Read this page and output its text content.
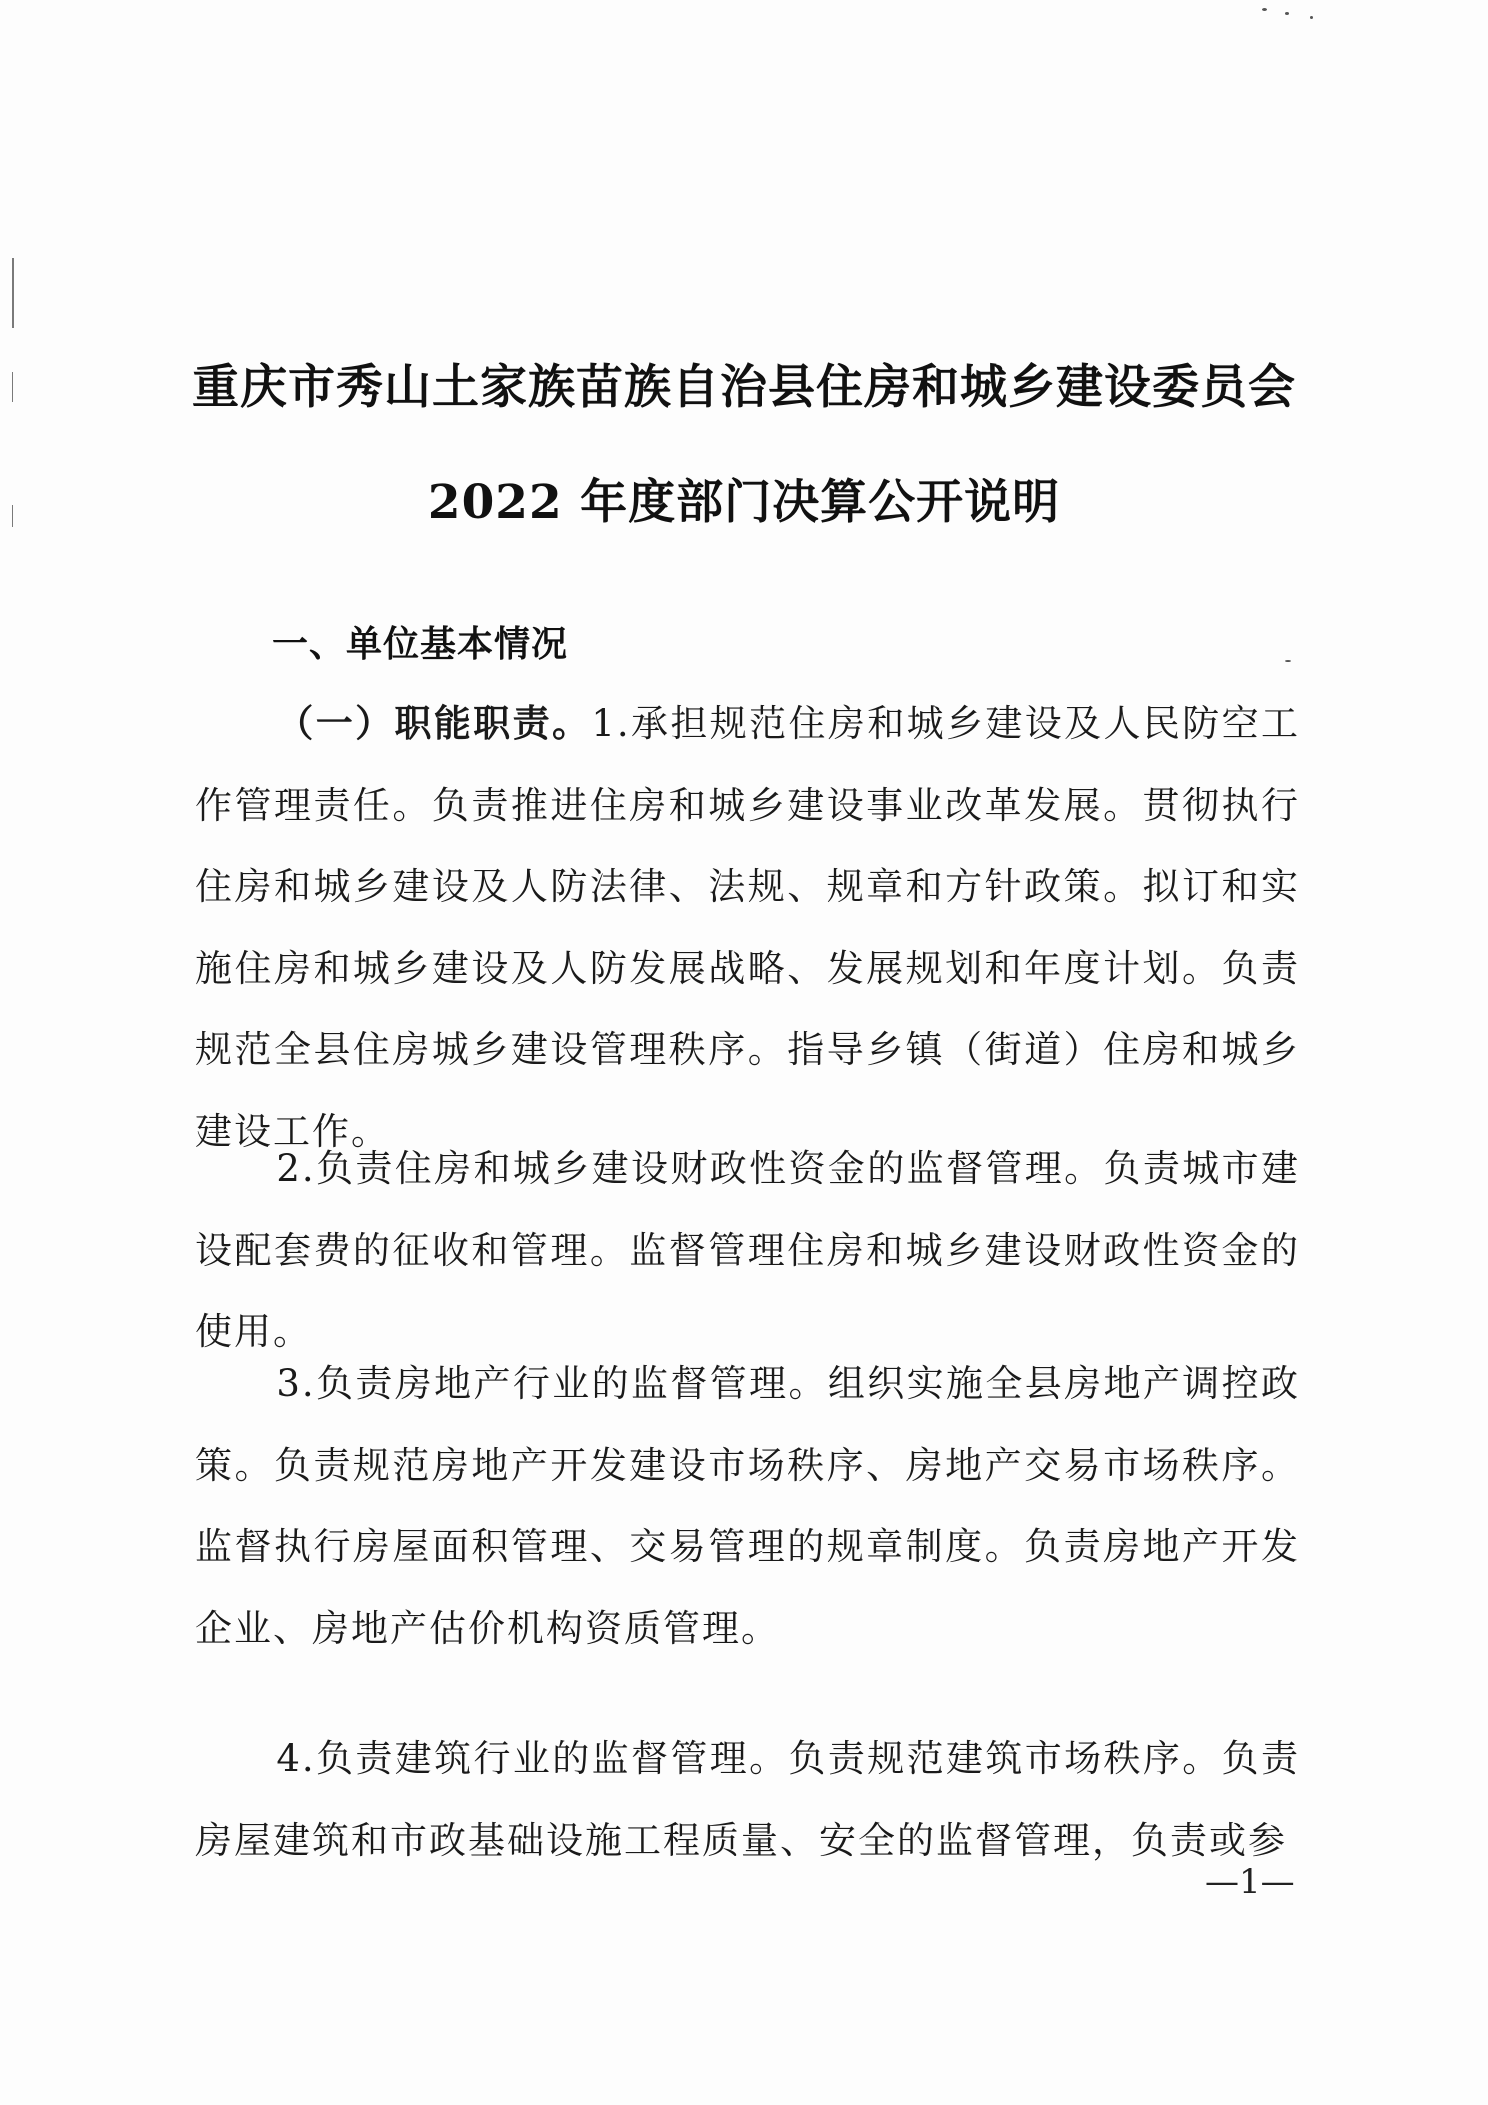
重庆市秀山土家族苗族自治县住房和城乡建设委员会
2022 年度部门决算公开说明
一、单位基本情况

（一）职能职责。1.承担规范住房和城乡建设及人民防空工作管理责任。负责推进住房和城乡建设事业改革发展。贯彻执行住房和城乡建设及人防法律、法规、规章和方针政策。拟订和实施住房和城乡建设及人防发展战略、发展规划和年度计划。负责规范全县住房城乡建设管理秩序。指导乡镇（街道）住房和城乡建设工作。

2.负责住房和城乡建设财政性资金的监督管理。负责城市建设配套费的征收和管理。监督管理住房和城乡建设财政性资金的使用。

3.负责房地产行业的监督管理。组织实施全县房地产调控政策。负责规范房地产开发建设市场秩序、房地产交易市场秩序。监督执行房屋面积管理、交易管理的规章制度。负责房地产开发企业、房地产估价机构资质管理。

4.负责建筑行业的监督管理。负责规范建筑市场秩序。负责房屋建筑和市政基础设施工程质量、安全的监督管理，负责或参

—1—
